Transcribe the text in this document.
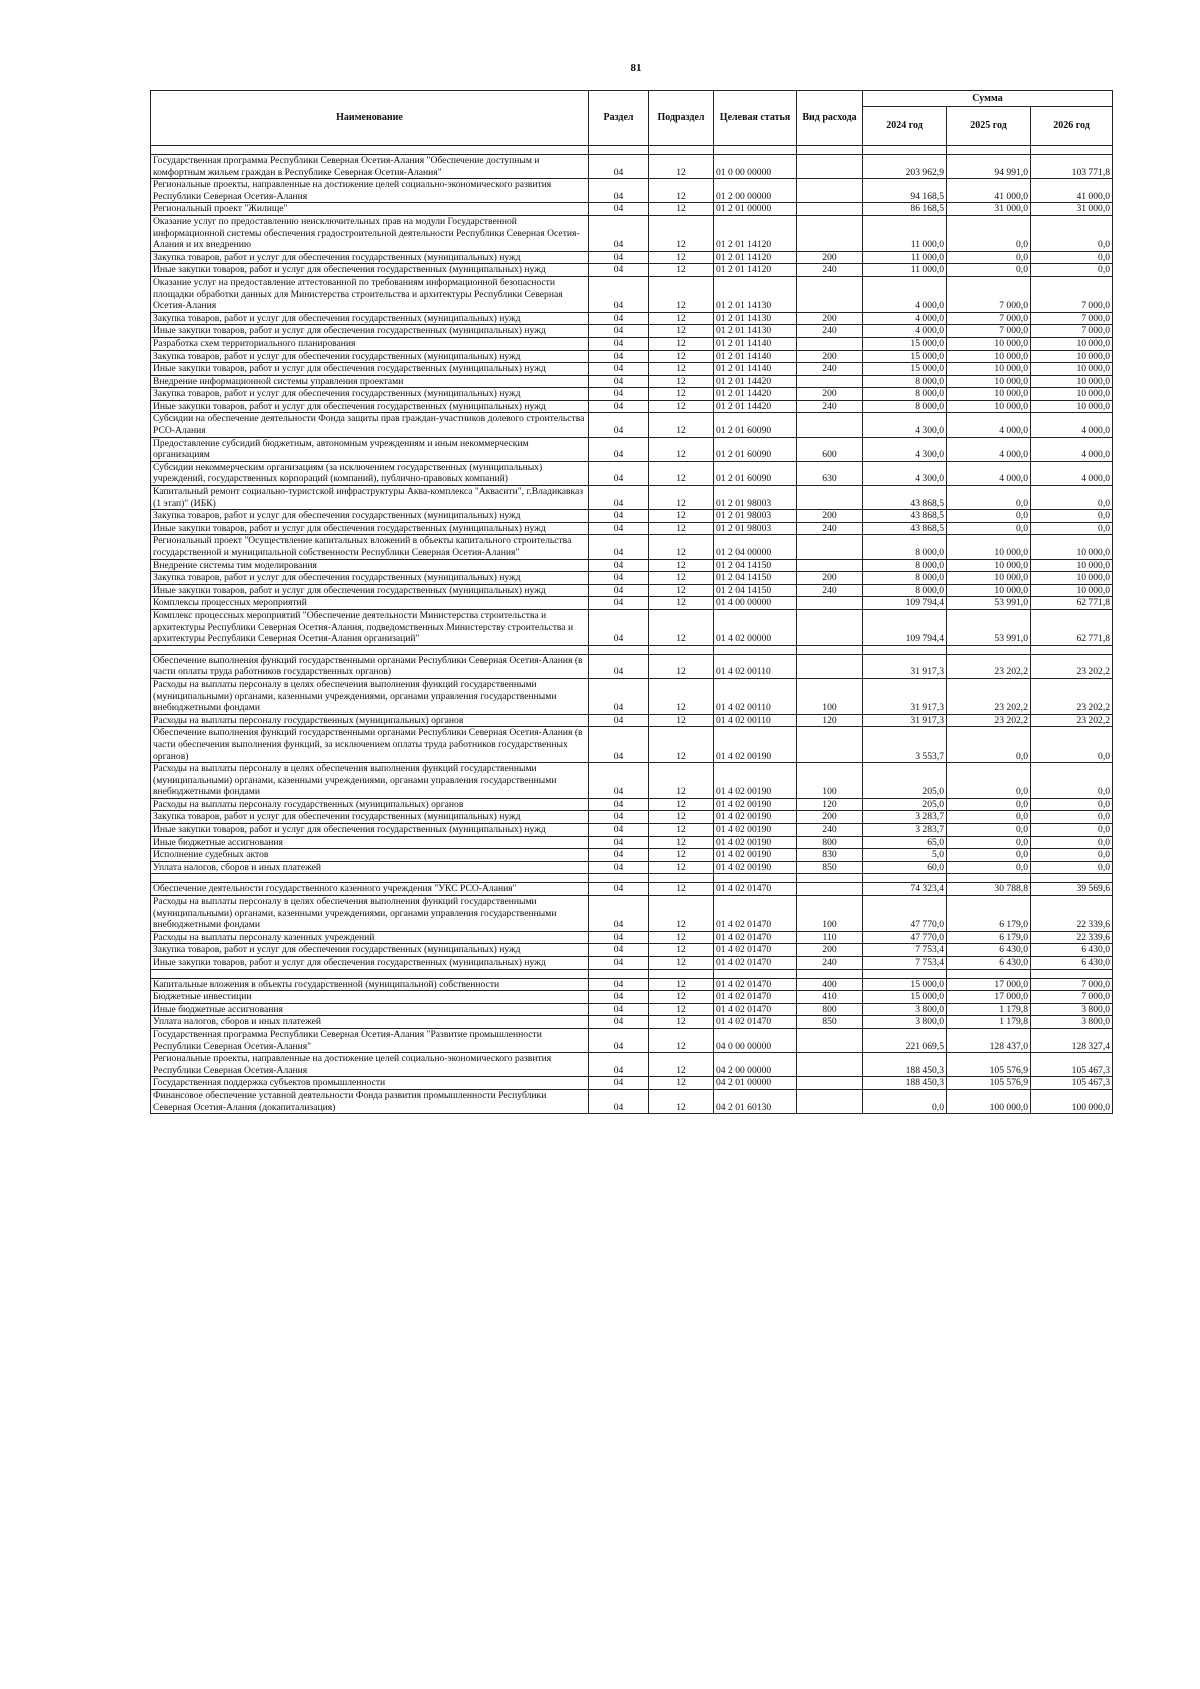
81
Наименование	Раздел	Подраздел	Целевая статья	Вид расхода	Сумма		
					2024 год	2025 год	2026 год

Государственная программа Республики Северная Осетия-Алания "Обеспечение доступным и комфортным жильем граждан в Республике Северная Осетия-Алания"	04	12	01 0 00 00000		203 962,9	94 991,0	103 771,8
Региональные проекты, направленные на достижение целей социально-экономического развития Республики Северная Осетия-Алания	04	12	01 2 00 00000		94 168,5	41 000,0	41 000,0
Региональный проект "Жилище"	04	12	01 2 01 00000		86 168,5	31 000,0	31 000,0
Оказание услуг по предоставлению неисключительных прав на модули Государственной информационной системы обеспечения градостроительной деятельности Республики Северная Осетия-Алания и их внедрению	04	12	01 2 01 14120		11 000,0	0,0	0,0
Закупка товаров, работ и услуг для обеспечения государственных (муниципальных) нужд	04	12	01 2 01 14120	200	11 000,0	0,0	0,0
Иные закупки товаров, работ и услуг для обеспечения государственных (муниципальных) нужд	04	12	01 2 01 14120	240	11 000,0	0,0	0,0
Оказание услуг на предоставление аттестованной по требованиям информационной безопасности площадки обработки данных для Министерства строительства и архитектуры Республики Северная Осетия-Алания	04	12	01 2 01 14130		4 000,0	7 000,0	7 000,0
Закупка товаров, работ и услуг для обеспечения государственных (муниципальных) нужд	04	12	01 2 01 14130	200	4 000,0	7 000,0	7 000,0
Иные закупки товаров, работ и услуг для обеспечения государственных (муниципальных) нужд	04	12	01 2 01 14130	240	4 000,0	7 000,0	7 000,0
Разработка схем территориального планирования	04	12	01 2 01 14140		15 000,0	10 000,0	10 000,0
Закупка товаров, работ и услуг для обеспечения государственных (муниципальных) нужд	04	12	01 2 01 14140	200	15 000,0	10 000,0	10 000,0
Иные закупки товаров, работ и услуг для обеспечения государственных (муниципальных) нужд	04	12	01 2 01 14140	240	15 000,0	10 000,0	10 000,0
Внедрение информационной системы управления проектами	04	12	01 2 01 14420		8 000,0	10 000,0	10 000,0
Закупка товаров, работ и услуг для обеспечения государственных (муниципальных) нужд	04	12	01 2 01 14420	200	8 000,0	10 000,0	10 000,0
Иные закупки товаров, работ и услуг для обеспечения государственных (муниципальных) нужд	04	12	01 2 01 14420	240	8 000,0	10 000,0	10 000,0
Субсидии на обеспечение деятельности Фонда защиты прав граждан-участников долевого строительства РСО-Алания	04	12	01 2 01 60090		4 300,0	4 000,0	4 000,0
Предоставление субсидий бюджетным, автономным учреждениям и иным некоммерческим организациям	04	12	01 2 01 60090	600	4 300,0	4 000,0	4 000,0
Субсидии некоммерческим организациям (за исключением государственных (муниципальных) учреждений, государственных корпораций (компаний), публично-правовых компаний)	04	12	01 2 01 60090	630	4 300,0	4 000,0	4 000,0
Капитальный ремонт социально-туристской инфраструктуры Аква-комплекса "Аквасити", г.Владикавказ (1 этап)" (ИБК)	04	12	01 2 01 98003		43 868,5	0,0	0,0
Закупка товаров, работ и услуг для обеспечения государственных (муниципальных) нужд	04	12	01 2 01 98003	200	43 868,5	0,0	0,0
Иные закупки товаров, работ и услуг для обеспечения государственных (муниципальных) нужд	04	12	01 2 01 98003	240	43 868,5	0,0	0,0
Региональный проект "Осуществление капитальных вложений в объекты капитального строительства государственной и муниципальной собственности Республики Северная Осетия-Алания"	04	12	01 2 04 00000		8 000,0	10 000,0	10 000,0
Внедрение системы тим моделирования	04	12	01 2 04 14150		8 000,0	10 000,0	10 000,0
Закупка товаров, работ и услуг для обеспечения государственных (муниципальных) нужд	04	12	01 2 04 14150	200	8 000,0	10 000,0	10 000,0
Иные закупки товаров, работ и услуг для обеспечения государственных (муниципальных) нужд	04	12	01 2 04 14150	240	8 000,0	10 000,0	10 000,0
Комплексы процессных мероприятий	04	12	01 4 00 00000		109 794,4	53 991,0	62 771,8
Комплекс процессных мероприятий "Обеспечение деятельности Министерства строительства и архитектуры Республики Северная Осетия-Алания, подведомственных Министерству строительства и архитектуры Республики Северная Осетия-Алания организаций"	04	12	01 4 02 00000		109 794,4	53 991,0	62 771,8

Обеспечение выполнения функций государственными органами Республики Северная Осетия-Алания (в части оплаты труда работников государственных органов)	04	12	01 4 02 00110		31 917,3	23 202,2	23 202,2
Расходы на выплаты персоналу в целях обеспечения выполнения функций государственными (муниципальными) органами, казенными учреждениями, органами управления государственными внебюджетными фондами	04	12	01 4 02 00110	100	31 917,3	23 202,2	23 202,2
Расходы на выплаты персоналу государственных (муниципальных) органов	04	12	01 4 02 00110	120	31 917,3	23 202,2	23 202,2
Обеспечение выполнения функций государственными органами Республики Северная Осетия-Алания (в части обеспечения выполнения функций, за исключением оплаты труда работников государственных органов)	04	12	01 4 02 00190		3 553,7	0,0	0,0
Расходы на выплаты персоналу в целях обеспечения выполнения функций государственными (муниципальными) органами, казенными учреждениями, органами управления государственными внебюджетными фондами	04	12	01 4 02 00190	100	205,0	0,0	0,0
Расходы на выплаты персоналу государственных (муниципальных) органов	04	12	01 4 02 00190	120	205,0	0,0	0,0
Закупка товаров, работ и услуг для обеспечения государственных (муниципальных) нужд	04	12	01 4 02 00190	200	3 283,7	0,0	0,0
Иные закупки товаров, работ и услуг для обеспечения государственных (муниципальных) нужд	04	12	01 4 02 00190	240	3 283,7	0,0	0,0
Иные бюджетные ассигнования	04	12	01 4 02 00190	800	65,0	0,0	0,0
Исполнение судебных актов	04	12	01 4 02 00190	830	5,0	0,0	0,0
Уплата налогов, сборов и иных платежей	04	12	01 4 02 00190	850	60,0	0,0	0,0

Обеспечение деятельности государственного казенного учреждения "УКС РСО-Алания"	04	12	01 4 02 01470		74 323,4	30 788,8	39 569,6
Расходы на выплаты персоналу в целях обеспечения выполнения функций государственными (муниципальными) органами, казенными учреждениями, органами управления государственными внебюджетными фондами	04	12	01 4 02 01470	100	47 770,0	6 179,0	22 339,6
Расходы на выплаты персоналу казенных учреждений	04	12	01 4 02 01470	110	47 770,0	6 179,0	22 339,6
Закупка товаров, работ и услуг для обеспечения государственных (муниципальных) нужд	04	12	01 4 02 01470	200	7 753,4	6 430,0	6 430,0
Иные закупки товаров, работ и услуг для обеспечения государственных (муниципальных) нужд	04	12	01 4 02 01470	240	7 753,4	6 430,0	6 430,0

Капитальные вложения в объекты государственной (муниципальной) собственности	04	12	01 4 02 01470	400	15 000,0	17 000,0	7 000,0
Бюджетные инвестиции	04	12	01 4 02 01470	410	15 000,0	17 000,0	7 000,0
Иные бюджетные ассигнования	04	12	01 4 02 01470	800	3 800,0	1 179,8	3 800,0
Уплата налогов, сборов и иных платежей	04	12	01 4 02 01470	850	3 800,0	1 179,8	3 800,0
Государственная программа Республики Северная Осетия-Алания "Развитие промышленности Республики Северная Осетия-Алания"	04	12	04 0 00 00000		221 069,5	128 437,0	128 327,4
Региональные проекты, направленные на достижение целей социально-экономического развития Республики Северная Осетия-Алания	04	12	04 2 00 00000		188 450,3	105 576,9	105 467,3
Государственная поддержка субъектов промышленности	04	12	04 2 01 00000		188 450,3	105 576,9	105 467,3
Финансовое обеспечение уставной деятельности Фонда развития промышленности Республики Северная Осетия-Алания (докапитализация)	04	12	04 2 01 60130		0,0	100 000,0	100 000,0
